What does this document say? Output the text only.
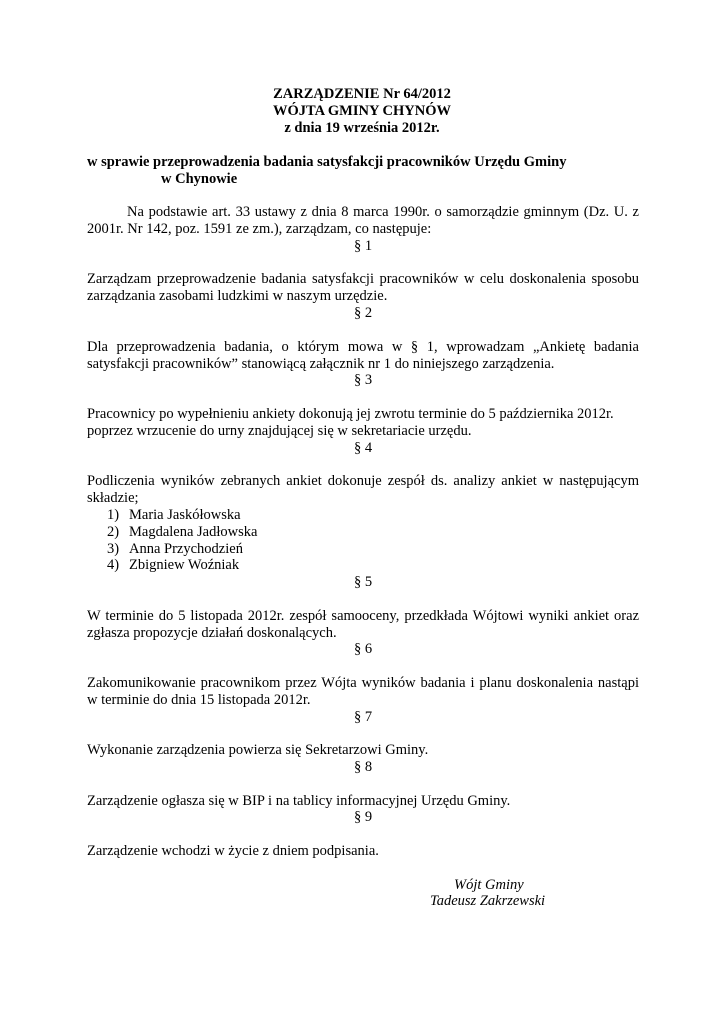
ZARZĄDZENIE Nr 64/2012
WÓJTA GMINY CHYNÓW
z dnia 19 września 2012r.
w sprawie przeprowadzenia badania satysfakcji pracowników Urzędu Gminy
w Chynowie
Na podstawie art. 33 ustawy z dnia 8 marca 1990r. o samorządzie gminnym (Dz. U. z
2001r. Nr 142, poz. 1591 ze zm.), zarządzam, co następuje:
§ 1
Zarządzam przeprowadzenie badania satysfakcji pracowników w celu doskonalenia sposobu
zarządzania zasobami ludzkimi w naszym urzędzie.
§ 2
Dla przeprowadzenia badania, o którym mowa w § 1, wprowadzam „Ankietę badania
satysfakcji pracowników” stanowiącą załącznik nr 1 do niniejszego zarządzenia.
§ 3
Pracownicy po wypełnieniu ankiety dokonują jej zwrotu terminie do 5 października 2012r.
poprzez wrzucenie do urny znajdującej się w sekretariacie urzędu.
§ 4
Podliczenia wyników zebranych ankiet dokonuje zespół ds. analizy ankiet w następującym
składzie;
1) Maria Jaskółowska
2) Magdalena Jadłowska
3) Anna Przychodzień
4) Zbigniew Woźniak
§ 5
W terminie do 5 listopada 2012r. zespół samooceny, przedkłada Wójtowi wyniki ankiet oraz
zgłasza propozycje działań doskonalących.
§ 6
Zakomunikowanie pracownikom przez Wójta wyników badania i planu doskonalenia nastąpi
w terminie do dnia 15 listopada 2012r.
§ 7
Wykonanie zarządzenia powierza się Sekretarzowi Gminy.
§ 8
Zarządzenie ogłasza się w BIP i na tablicy informacyjnej Urzędu Gminy.
§ 9
Zarządzenie wchodzi w życie z dniem podpisania.
Wójt Gminy
Tadeusz Zakrzewski
